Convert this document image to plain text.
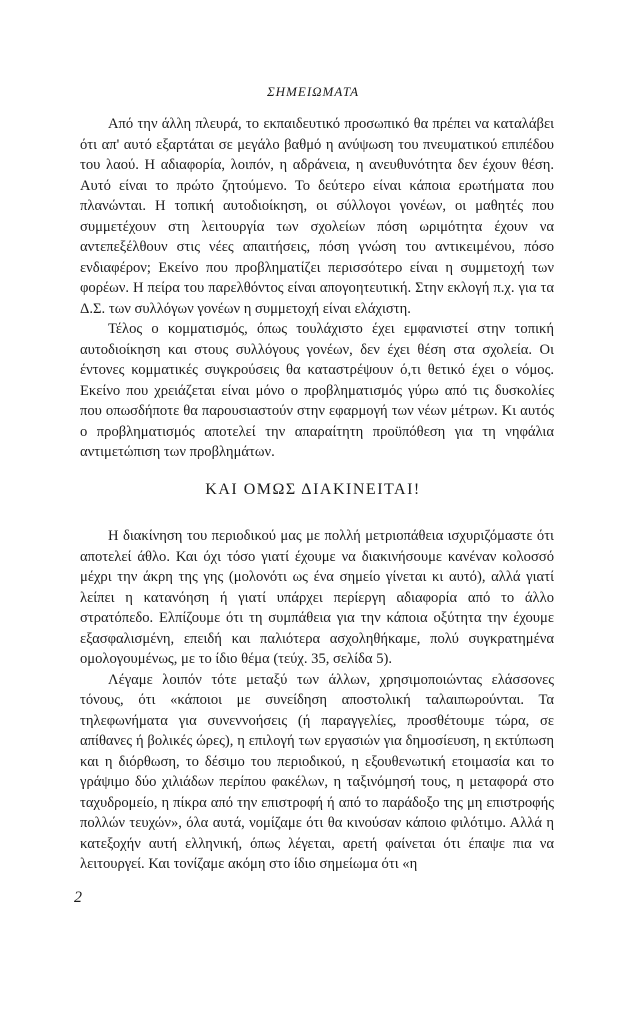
ΣΗΜΕΙΩΜΑΤΑ

Από την άλλη πλευρά, το εκπαιδευτικό προσωπικό θα πρέπει να καταλάβει ότι απ' αυτό εξαρτάται σε μεγάλο βαθμό η ανύψωση του πνευματικού επιπέδου του λαού. Η αδιαφορία, λοιπόν, η αδράνεια, η ανευθυνότητα δεν έχουν θέση. Αυτό είναι το πρώτο ζητούμενο. Το δεύτερο είναι κάποια ερωτήματα που πλανώνται. Η τοπική αυτοδιοίκηση, οι σύλλογοι γονέων, οι μαθητές που συμμετέχουν στη λειτουργία των σχολείων πόση ωριμότητα έχουν να αντεπεξέλθουν στις νέες απαιτήσεις, πόση γνώση του αντικειμένου, πόσο ενδιαφέρον; Εκείνο που προβληματίζει περισσότερο είναι η συμμετοχή των φορέων. Η πείρα του παρελθόντος είναι απογοητευτική. Στην εκλογή π.χ. για τα Δ.Σ. των συλλόγων γονέων η συμμετοχή είναι ελάχιστη.

Τέλος ο κομματισμός, όπως τουλάχιστο έχει εμφανιστεί στην τοπική αυτοδιοίκηση και στους συλλόγους γονέων, δεν έχει θέση στα σχολεία. Οι έντονες κομματικές συγκρούσεις θα καταστρέψουν ό,τι θετικό έχει ο νόμος. Εκείνο που χρειάζεται είναι μόνο ο προβληματισμός γύρω από τις δυσκολίες που οπωσδήποτε θα παρουσιαστούν στην εφαρμογή των νέων μέτρων. Κι αυτός ο προβληματισμός αποτελεί την απαραίτητη προϋπόθεση για τη νηφάλια αντιμετώπιση των προβλημάτων.

ΚΑΙ ΟΜΩΣ ΔΙΑΚΙΝΕΙΤΑΙ!

Η διακίνηση του περιοδικού μας με πολλή μετριοπάθεια ισχυριζόμαστε ότι αποτελεί άθλο. Και όχι τόσο γιατί έχουμε να διακινήσουμε κανέναν κολοσσό μέχρι την άκρη της γης (μολονότι ως ένα σημείο γίνεται κι αυτό), αλλά γιατί λείπει η κατανόηση ή γιατί υπάρχει περίεργη αδιαφορία από το άλλο στρατόπεδο. Ελπίζουμε ότι τη συμπάθεια για την κάποια οξύτητα την έχουμε εξασφαλισμένη, επειδή και παλιότερα ασχοληθήκαμε, πολύ συγκρατημένα ομολογουμένως, με το ίδιο θέμα (τεύχ. 35, σελίδα 5).

Λέγαμε λοιπόν τότε μεταξύ των άλλων, χρησιμοποιώντας ελάσσονες τόνους, ότι «κάποιοι με συνείδηση αποστολική ταλαιπωρούνται. Τα τηλεφωνήματα για συνεννοήσεις (ή παραγγελίες, προσθέτουμε τώρα, σε απίθανες ή βολικές ώρες), η επιλογή των εργασιών για δημοσίευση, η εκτύπωση και η διόρθωση, το δέσιμο του περιοδικού, η εξουθενωτική ετοιμασία και το γράψιμο δύο χιλιάδων περίπου φακέλων, η ταξινόμησή τους, η μεταφορά στο ταχυδρομείο, η πίκρα από την επιστροφή ή από το παράδοξο της μη επιστροφής πολλών τευχών», όλα αυτά, νομίζαμε ότι θα κινούσαν κάποιο φιλότιμο. Αλλά η κατεξοχήν αυτή ελληνική, όπως λέγεται, αρετή φαίνεται ότι έπαψε πια να λειτουργεί. Και τονίζαμε ακόμη στο ίδιο σημείωμα ότι «η

2
